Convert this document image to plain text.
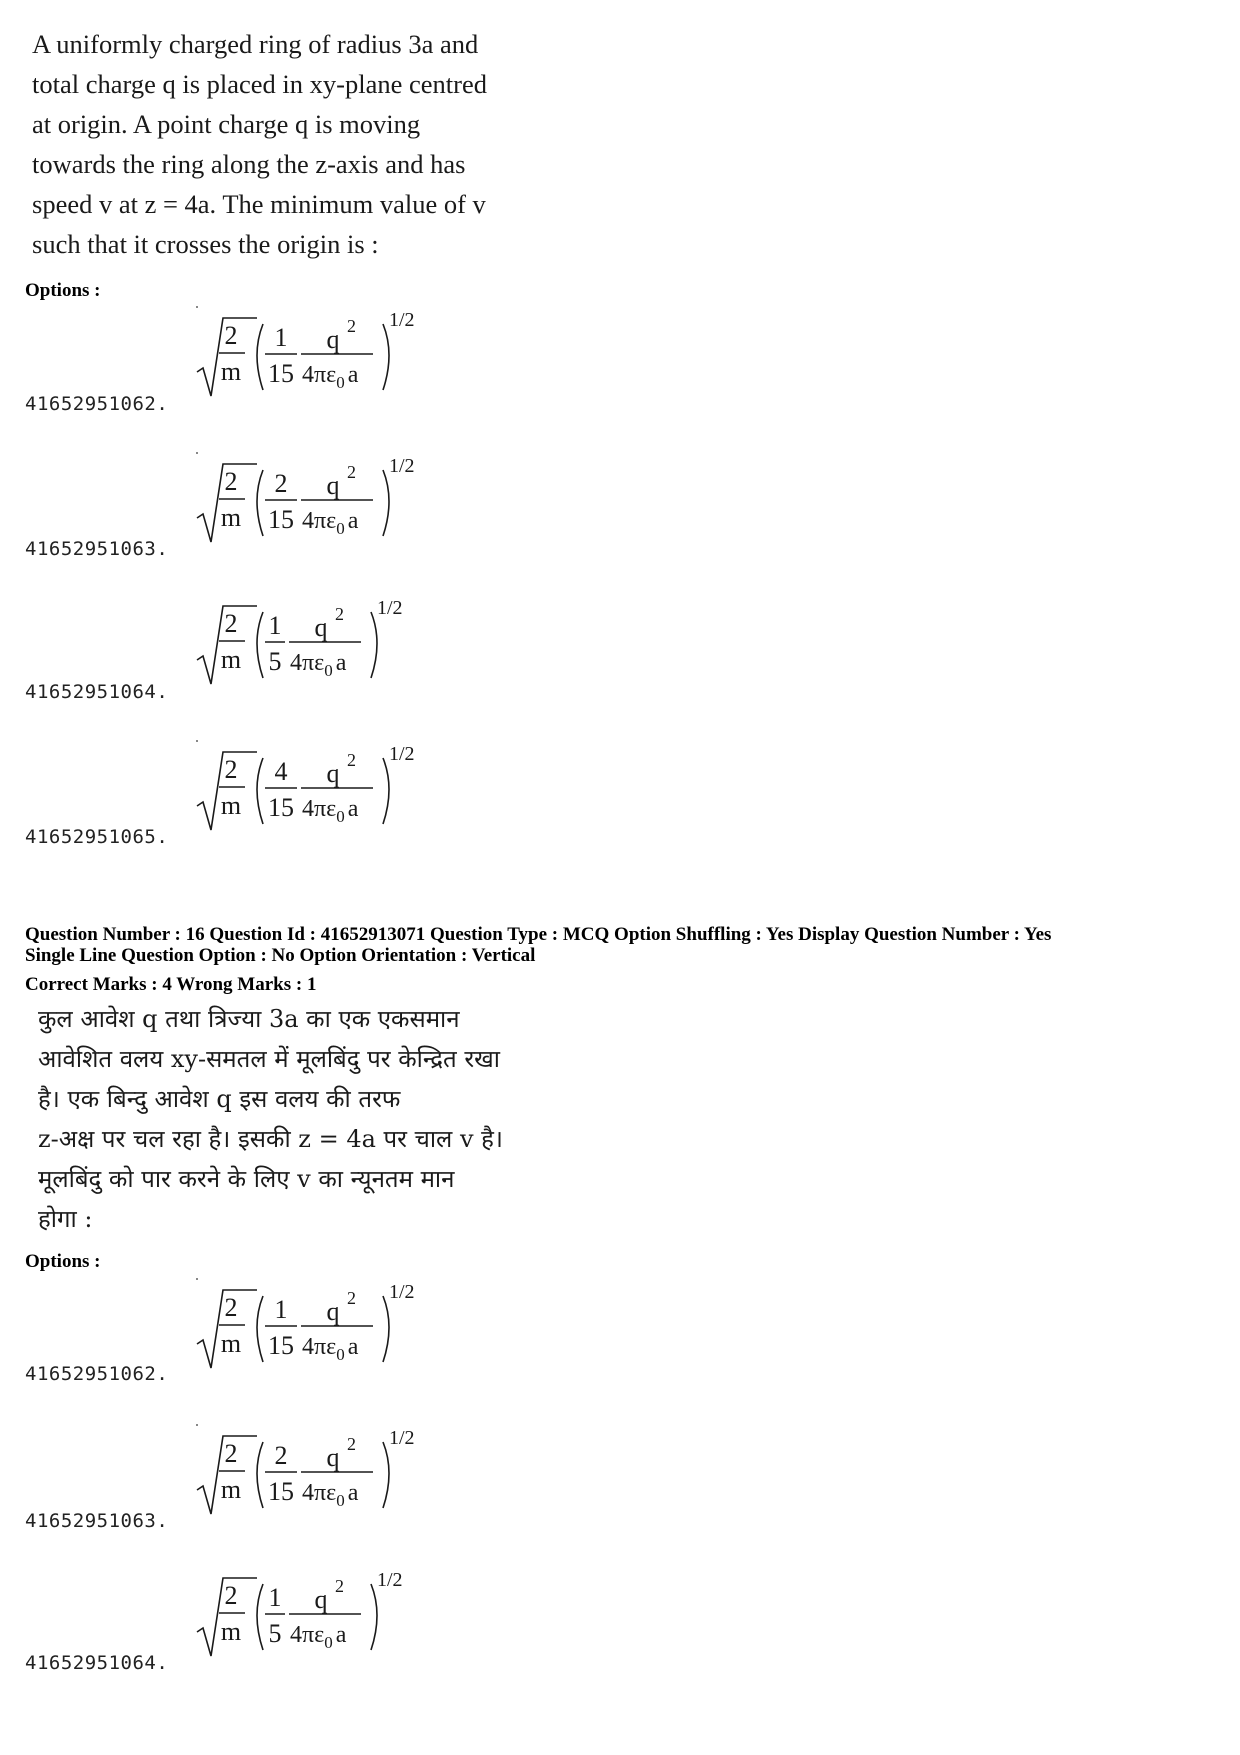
A uniformly charged ring of radius 3a and
total charge q is placed in xy-plane centred
at origin. A point charge q is moving
towards the ring along the z-axis and has
speed v at z = 4a. The minimum value of v
such that it crosses the origin is :
Options :
41652951062.
2
m
1
15
q 2
$4\pi\varepsilon_0$ a
1/2
41652951063.
2
m
2
15
q 2
$4\pi\varepsilon_0$ a
1/2
41652951064.
2
m
1
5
q 2
$4\pi\varepsilon_0$ a
1/2
41652951065.
2
m
4
15
q 2
$4\pi\varepsilon_0$ a
1/2
Question Number : 16 Question Id : 41652913071 Question Type : MCQ Option Shuffling : Yes Display Question Number : Yes
Single Line Question Option : No Option Orientation : Vertical
Correct Marks : 4 Wrong Marks : 1
कुल आवेश q तथा त्रिज्या 3a का एक एकसमान
आवेशित वलय xy-समतल में मूलबिंदु पर केन्द्रित रखा
है। एक बिन्दु आवेश q इस वलय की तरफ
z-अक्ष पर चल रहा है। इसकी z = 4a पर चाल v है।
मूलबिंदु को पार करने के लिए v का न्यूनतम मान
होगा :
Options :
41652951062.
2
m
1
15
q 2
$4\pi\varepsilon_0$ a
1/2
41652951063.
2
m
2
15
q 2
$4\pi\varepsilon_0$ a
1/2
41652951064.
2
m
1
5
q 2
$4\pi\varepsilon_0$ a
1/2
